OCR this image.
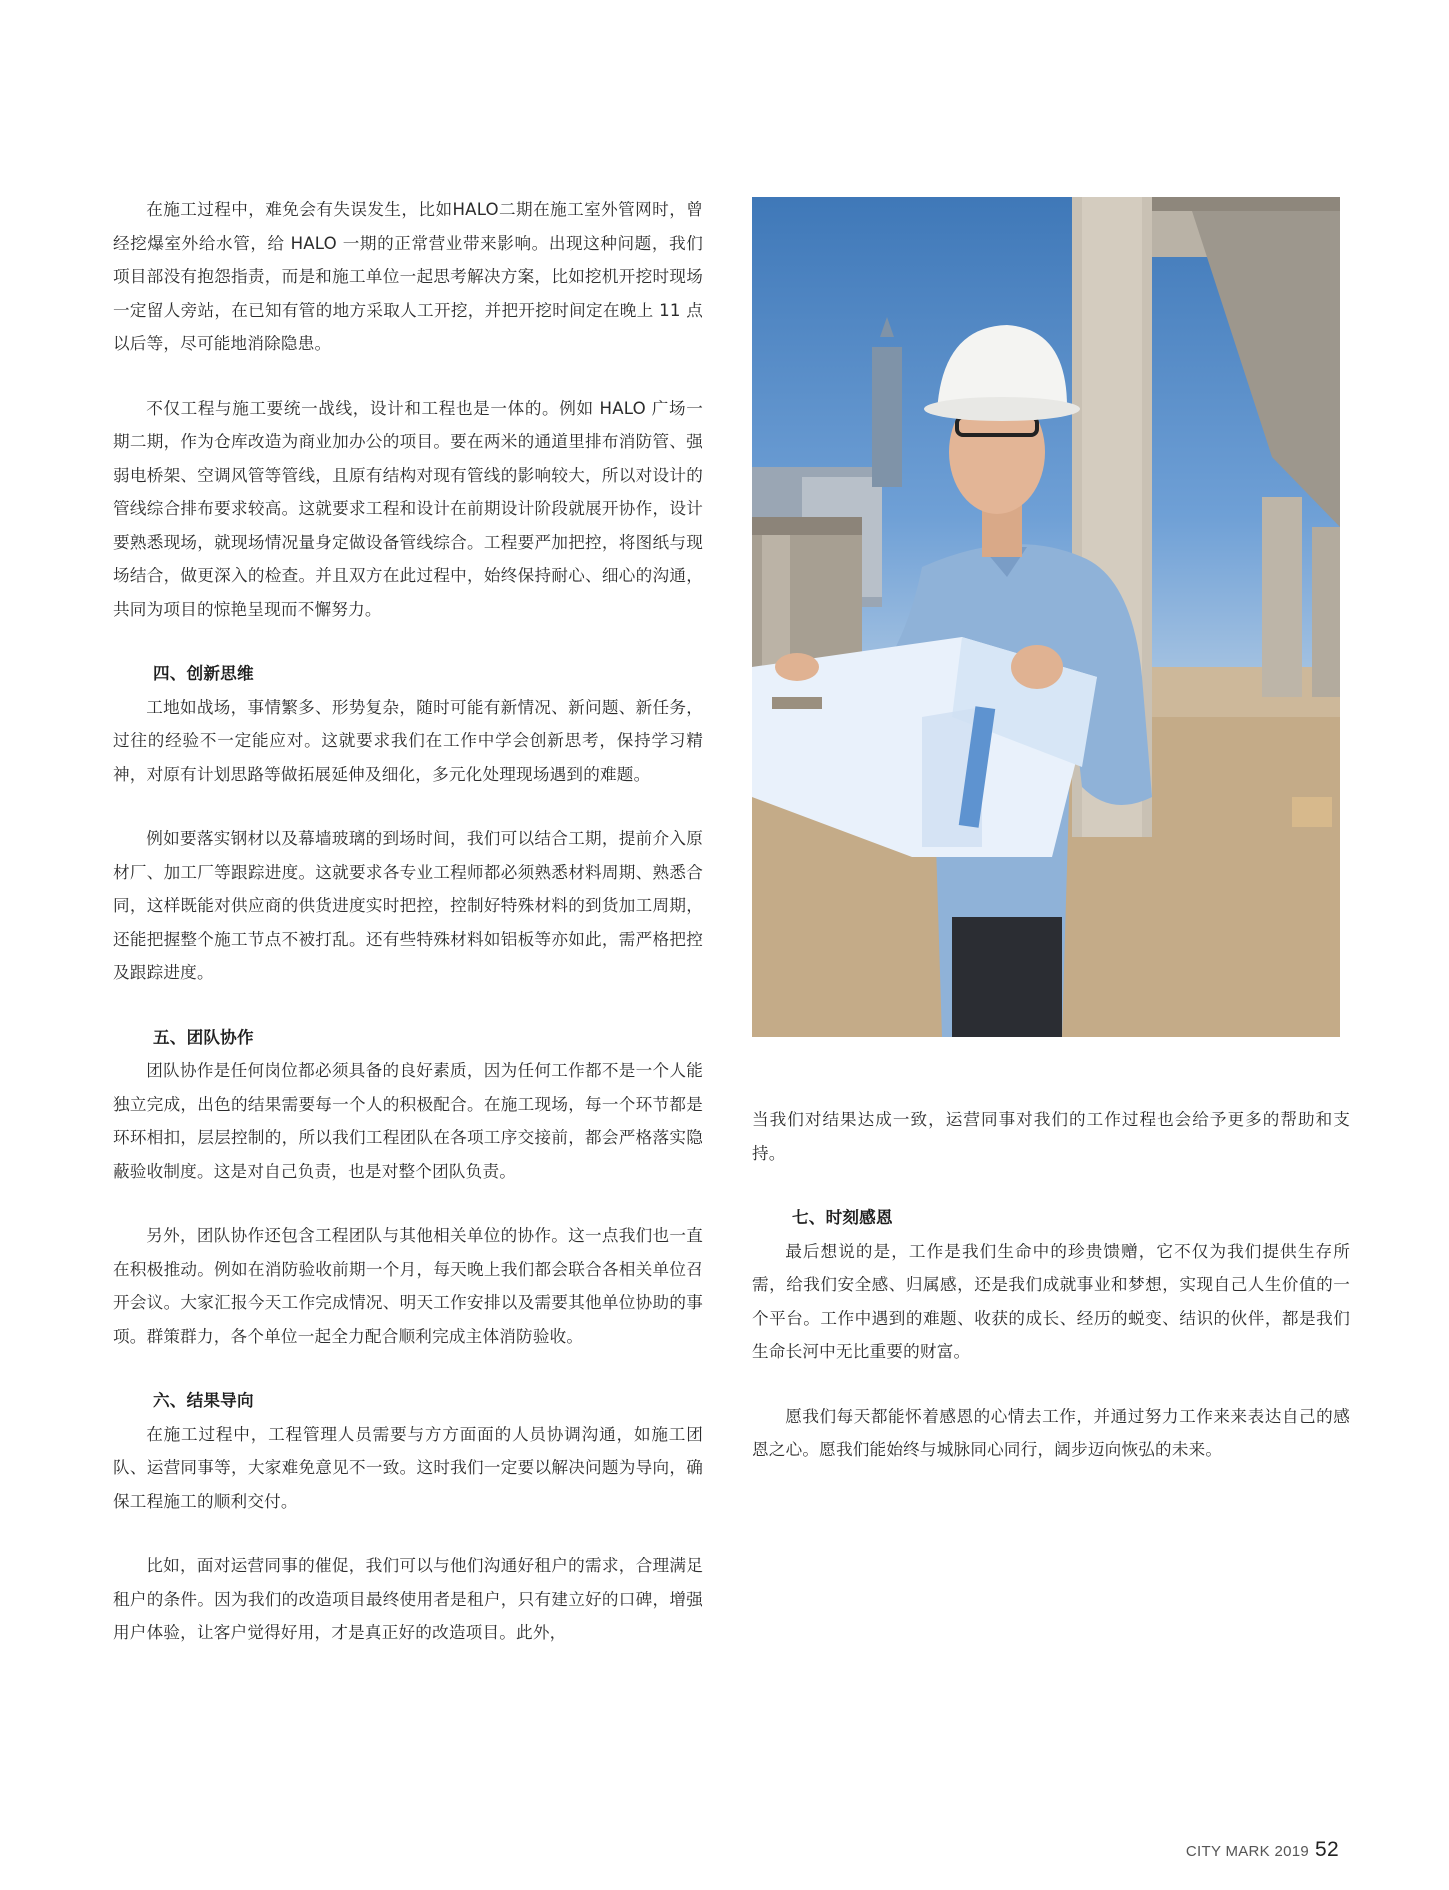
在施工过程中，难免会有失误发生，比如HALO二期在施工室外管网时，曾经挖爆室外给水管，给 HALO 一期的正常营业带来影响。出现这种问题，我们项目部没有抱怨指责，而是和施工单位一起思考解决方案，比如挖机开挖时现场一定留人旁站，在已知有管的地方采取人工开挖，并把开挖时间定在晚上 11 点以后等，尽可能地消除隐患。

不仅工程与施工要统一战线，设计和工程也是一体的。例如 HALO 广场一期二期，作为仓库改造为商业加办公的项目。要在两米的通道里排布消防管、强弱电桥架、空调风管等管线，且原有结构对现有管线的影响较大，所以对设计的管线综合排布要求较高。这就要求工程和设计在前期设计阶段就展开协作，设计要熟悉现场，就现场情况量身定做设备管线综合。工程要严加把控，将图纸与现场结合，做更深入的检查。并且双方在此过程中，始终保持耐心、细心的沟通，共同为项目的惊艳呈现而不懈努力。

四、创新思维

工地如战场，事情繁多、形势复杂，随时可能有新情况、新问题、新任务，过往的经验不一定能应对。这就要求我们在工作中学会创新思考，保持学习精神，对原有计划思路等做拓展延伸及细化，多元化处理现场遇到的难题。

例如要落实钢材以及幕墙玻璃的到场时间，我们可以结合工期，提前介入原材厂、加工厂等跟踪进度。这就要求各专业工程师都必须熟悉材料周期、熟悉合同，这样既能对供应商的供货进度实时把控，控制好特殊材料的到货加工周期，还能把握整个施工节点不被打乱。还有些特殊材料如铝板等亦如此，需严格把控及跟踪进度。

五、团队协作

团队协作是任何岗位都必须具备的良好素质，因为任何工作都不是一个人能独立完成，出色的结果需要每一个人的积极配合。在施工现场，每一个环节都是环环相扣，层层控制的，所以我们工程团队在各项工序交接前，都会严格落实隐蔽验收制度。这是对自己负责，也是对整个团队负责。

另外，团队协作还包含工程团队与其他相关单位的协作。这一点我们也一直在积极推动。例如在消防验收前期一个月，每天晚上我们都会联合各相关单位召开会议。大家汇报今天工作完成情况、明天工作安排以及需要其他单位协助的事项。群策群力，各个单位一起全力配合顺利完成主体消防验收。

六、结果导向

在施工过程中，工程管理人员需要与方方面面的人员协调沟通，如施工团队、运营同事等，大家难免意见不一致。这时我们一定要以解决问题为导向，确保工程施工的顺利交付。

比如，面对运营同事的催促，我们可以与他们沟通好租户的需求，合理满足租户的条件。因为我们的改造项目最终使用者是租户，只有建立好的口碑，增强用户体验，让客户觉得好用，才是真正好的改造项目。此外，

当我们对结果达成一致，运营同事对我们的工作过程也会给予更多的帮助和支持。

七、时刻感恩

最后想说的是，工作是我们生命中的珍贵馈赠，它不仅为我们提供生存所需，给我们安全感、归属感，还是我们成就事业和梦想，实现自己人生价值的一个平台。工作中遇到的难题、收获的成长、经历的蜕变、结识的伙伴，都是我们生命长河中无比重要的财富。

愿我们每天都能怀着感恩的心情去工作，并通过努力工作来来表达自己的感恩之心。愿我们能始终与城脉同心同行，阔步迈向恢弘的未来。

CITY MARK 2019 52
